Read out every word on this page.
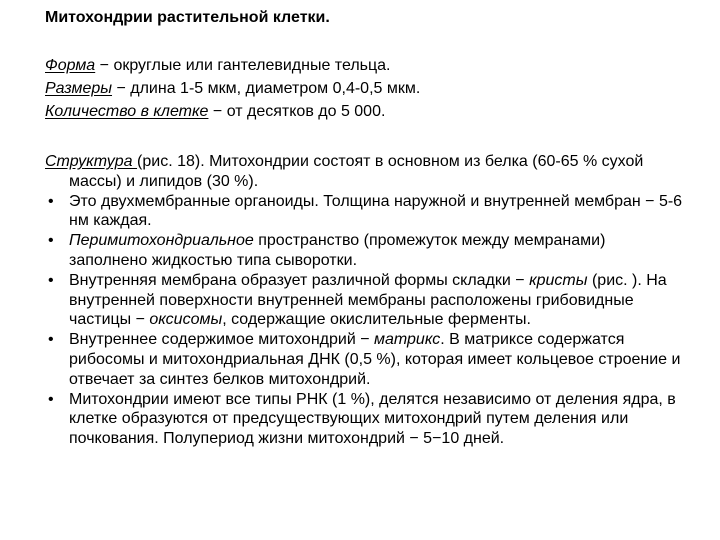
Митохондрии растительной клетки.
Форма − округлые или гантелевидные тельца.
Размеры − длина 1-5 мкм, диаметром 0,4-0,5 мкм.
Количество в клетке − от десятков до 5 000.

Структура (рис. 18). Митохондрии состоят в основном из белка (60-65 % сухой массы) и липидов (30 %).

• Это двухмембранные органоиды. Толщина наружной и внутренней мембран − 5-6 нм каждая.
• Перимитохондриальное пространство (промежуток между мемранами) заполнено жидкостью типа сыворотки.
• Внутренняя мембрана образует различной формы складки − кристы (рис. ). На внутренней поверхности внутренней мембраны расположены грибовидные частицы − оксисомы, содержащие окислительные ферменты.
• Внутреннее содержимое митохондрий − матрикс. В матриксе содержатся рибосомы и митохондриальная ДНК (0,5 %), которая имеет кольцевое строение и отвечает за синтез белков митохондрий.
• Митохондрии имеют все типы РНК (1 %), делятся независимо от деления ядра, в клетке образуются от предсуществующих митохондрий путем деления или почкования. Полупериод жизни митохондрий − 5−10 дней.
